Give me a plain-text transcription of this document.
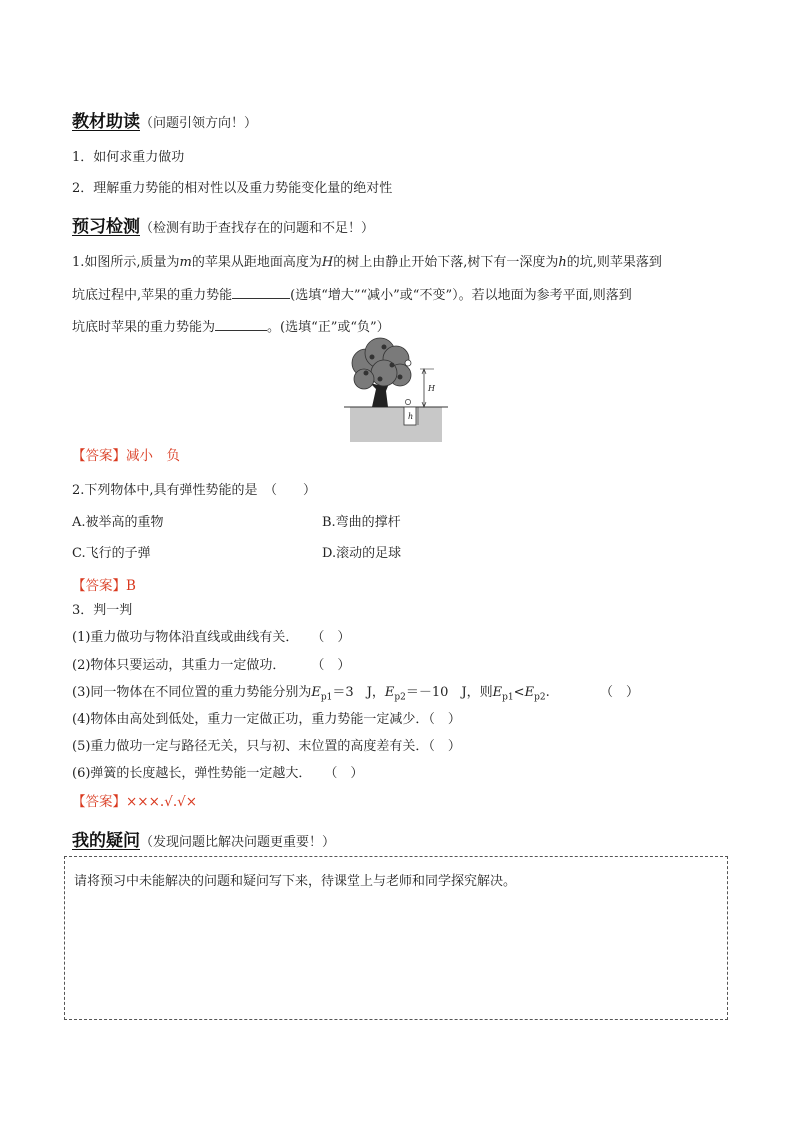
教材助读（问题引领方向！）
1．如何求重力做功
2．理解重力势能的相对性以及重力势能变化量的绝对性
预习检测（检测有助于查找存在的问题和不足！）
1.如图所示,质量为m的苹果从距地面高度为H的树上由静止开始下落,树下有一深度为h的坑,则苹果落到
坑底过程中,苹果的重力势能	(选填“增大”“减小”或“不变”）。若以地面为参考平面,则落到
坑底时苹果的重力势能为	。(选填“正”或“负”）
H
h
【答案】减小　负
2.下列物体中,具有弹性势能的是　（　　）
A.被举高的重物	B.弯曲的撑杆
C.飞行的子弹	D.滚动的足球
【答案】B
3．判一判
(1)重力做功与物体沿直线或曲线有关．　　（　）
(2)物体只要运动，其重力一定做功．　　　（　）
(3)同一物体在不同位置的重力势能分别为$E_{p1}=3$　J，$E_{p2}=-10$　J，则$E_{p1}<E_{p2}$.	（　）
(4)物体由高处到低处，重力一定做正功，重力势能一定减少．（　）
(5)重力做功一定与路径无关，只与初、末位置的高度差有关．（　）
(6)弹簧的长度越长，弹性势能一定越大．　　（　）
【答案】×××.√.√×
我的疑问（发现问题比解决问题更重要！）
请将预习中未能解决的问题和疑问写下来，待课堂上与老师和同学探究解决。
